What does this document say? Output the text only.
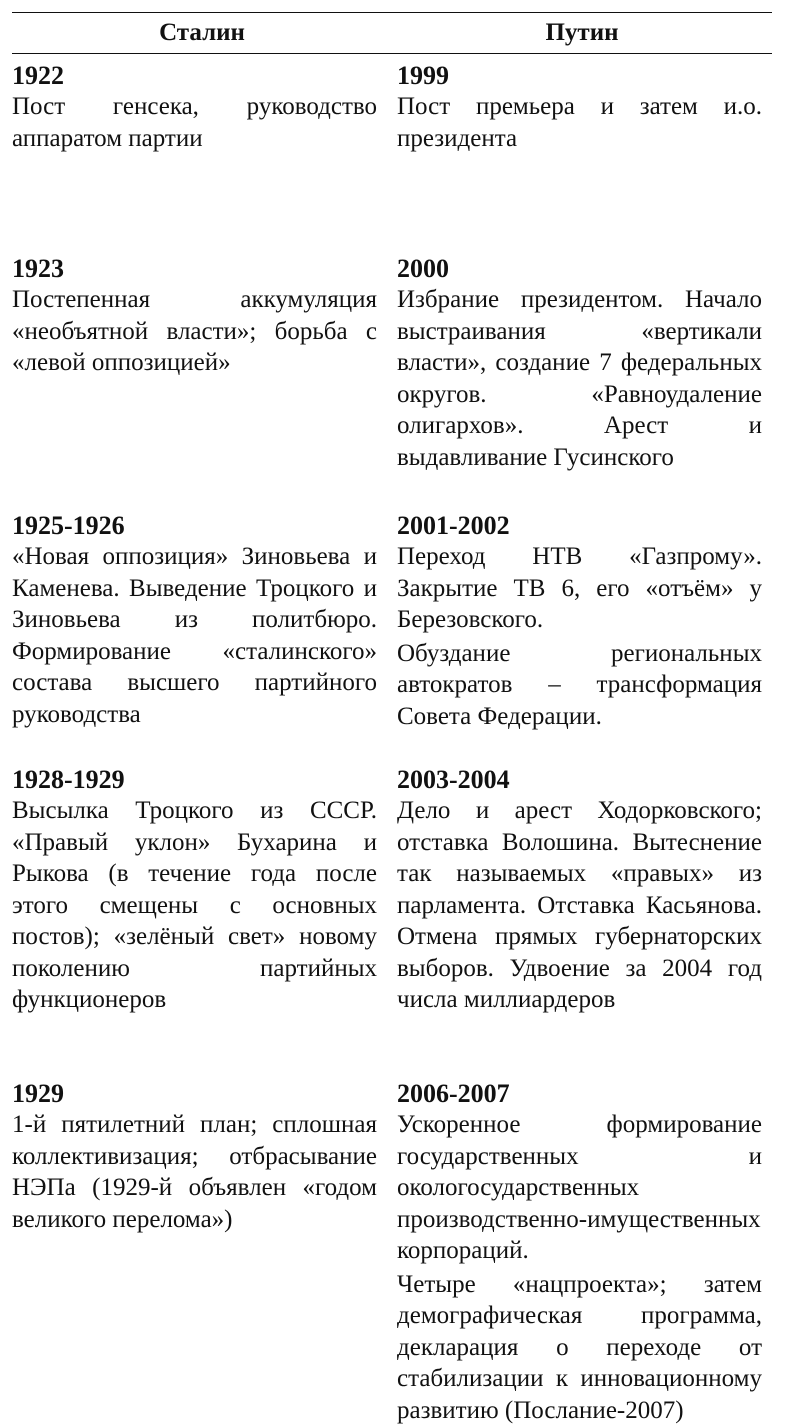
Сталин	Путин
1922

Пост генсека, руководство аппаратом партии

1999

Пост премьера и затем и.о. президента

1923

Постепенная аккумуляция «необъятной власти»; борьба с «левой оппозицией»

2000

Избрание президентом. Начало выстраивания «вертикали власти», создание 7 федеральных округов. «Равноудаление олигархов». Арест и выдавливание Гусинского

1925-1926

«Новая оппозиция» Зиновьева и Каменева. Выведение Троцкого и Зиновьева из политбюро. Формирование «сталинского» состава высшего партийного руководства

2001-2002

Переход НТВ «Газпрому». Закрытие ТВ 6, его «отъём» у Березовского.

Обуздание региональных автократов – трансформация Совета Федерации.

1928-1929

Высылка Троцкого из СССР. «Правый уклон» Бухарина и Рыкова (в течение года после этого смещены с основных постов); «зелёный свет» новому поколению партийных функционеров

2003-2004

Дело и арест Ходорковского; отставка Волошина. Вытеснение так называемых «правых» из парламента. Отставка Касьянова. Отмена прямых губернаторских выборов. Удвоение за 2004 год числа миллиардеров

1929

1-й пятилетний план; сплошная коллективизация; отбрасывание НЭПа (1929-й объявлен «годом великого перелома»)

2006-2007

Ускоренное формирование государственных и окологосударственных производственно-имущественных корпораций.

Четыре «нацпроекта»; затем демографическая программа, декларация о переходе от стабилизации к инновационному развитию (Послание-2007)
